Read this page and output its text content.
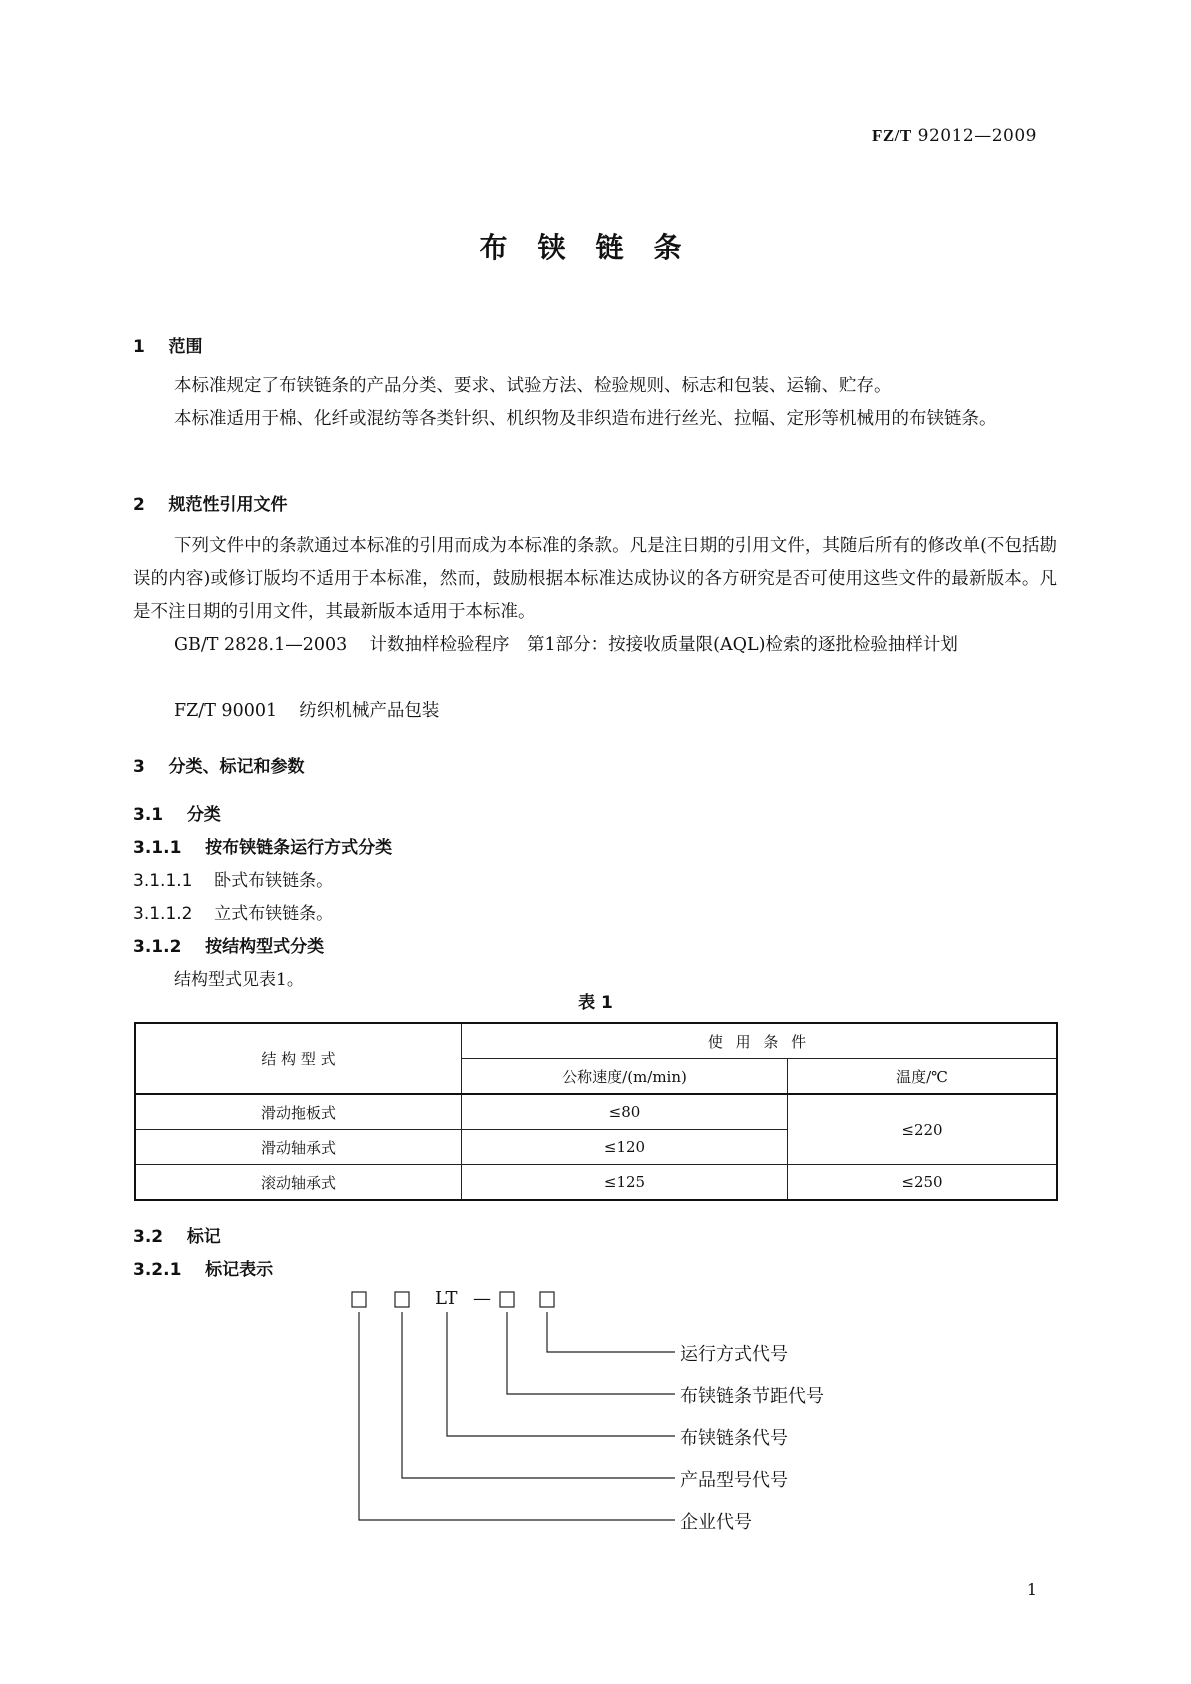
FZ/T 92012—2009
布铗链条
1 范围
本标准规定了布铗链条的产品分类、要求、试验方法、检验规则、标志和包装、运输、贮存。
本标准适用于棉、化纤或混纺等各类针织、机织物及非织造布进行丝光、拉幅、定形等机械用的布铗链条。
2 规范性引用文件
下列文件中的条款通过本标准的引用而成为本标准的条款。凡是注日期的引用文件，其随后所有的修改单(不包括勘误的内容)或修订版均不适用于本标准，然而，鼓励根据本标准达成协议的各方研究是否可使用这些文件的最新版本。凡是不注日期的引用文件，其最新版本适用于本标准。
GB/T 2828.1—2003 计数抽样检验程序　第1部分：按接收质量限(AQL)检索的逐批检验抽样计划
FZ/T 90001 纺织机械产品包装
3 分类、标记和参数
3.1 分类
3.1.1 按布铗链条运行方式分类
3.1.1.1 卧式布铗链条。
3.1.1.2 立式布铗链条。
3.1.2 按结构型式分类
结构型式见表1。
表 1
结 构 型 式	使 用 条 件	
	公称速度/(m/min)	温度/℃
滑动拖板式	≤80	≤220
滑动轴承式	≤120	
滚动轴承式	≤125	≤250
3.2 标记
3.2.1 标记表示
LT —
运行方式代号
布铗链条节距代号
布铗链条代号
产品型号代号
企业代号
1
